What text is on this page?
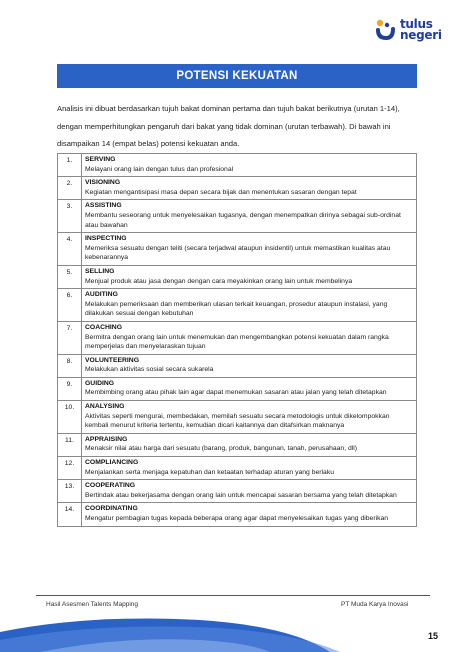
tulus
negeri
POTENSI KEKUATAN

Analisis ini dibuat berdasarkan tujuh bakat dominan pertama dan tujuh bakat berikutnya (urutan 1-14), dengan memperhitungkan pengaruh dari bakat yang tidak dominan (urutan terbawah). Di bawah ini disampaikan 14 (empat belas) potensi kekuatan anda.

1.	SERVING
Melayani orang lain dengan tulus dan profesional

2.	VISIONING
Kegiatan mengantisipasi masa depan secara bijak dan menentukan sasaran dengan tepat

3.	ASSISTING
Membantu seseorang untuk menyelesaikan tugasnya, dengan menempatkan dirinya sebagai sub-ordinat atau bawahan

4.	INSPECTING
Memeriksa sesuatu dengan teliti (secara terjadwal ataupun insidentil) untuk memastikan kualitas atau kebenarannya

5.	SELLING
Menjual produk atau jasa dengan dengan cara meyakinkan orang lain untuk membelinya

6.	AUDITING
Melakukan pemeriksaan dan memberikan ulasan terkait keuangan, prosedur ataupun instalasi, yang dilakukan sesuai dengan kebutuhan

7.	COACHING
Bermitra dengan orang lain untuk menemukan dan mengembangkan potensi kekuatan dalam rangka memperjelas dan menyelaraskan tujuan

8.	VOLUNTEERING
Melakukan aktivitas sosial secara sukarela

9.	GUIDING
Membimbing orang atau pihak lain agar dapat menemukan sasaran atau jalan yang telah ditetapkan

10.	ANALYSING
Aktivitas seperti mengurai, membedakan, memilah sesuatu secara metodologis untuk dikelompokkan kembali menurut kriteria tertentu, kemudian dicari kaitannya dan ditafsirkan maknanya

11.	APPRAISING
Menaksir nilai atau harga dari sesuatu (barang, produk, bangunan, tanah, perusahaan, dll)

12.	COMPLIANCING
Menjalankan serta menjaga kepatuhan dan ketaatan terhadap aturan yang berlaku

13.	COOPERATING
Bertindak atau bekerjasama dengan orang lain untuk mencapai sasaran bersama yang telah ditetapkan

14.	COORDINATING
Mengatur pembagian tugas kepada beberapa orang agar dapat menyelesaikan tugas yang diberikan
Hasil Asesmen Talents Mapping	PT Muda Karya Inovasi
15
